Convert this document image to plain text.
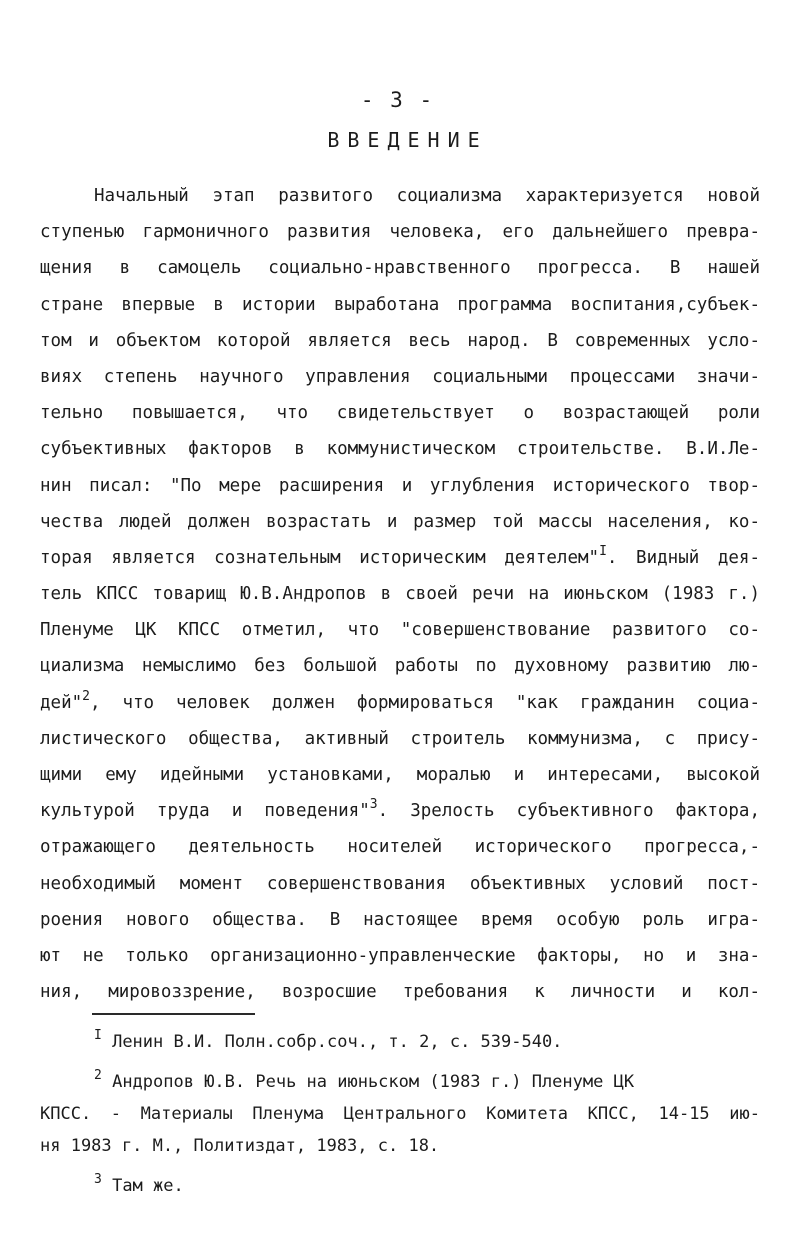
- 3 -
ВВЕДЕНИЕ
Начальный этап развитого социализма характеризуется новой
ступенью гармоничного развития человека, его дальнейшего превра-
щения в самоцель социально-нравственного прогресса. В нашей
стране впервые в истории выработана программа воспитания,субъек-
том и объектом которой является весь народ. В современных усло-
виях степень научного управления социальными процессами значи-
тельно повышается, что свидетельствует о возрастающей роли
субъективных факторов в коммунистическом строительстве. В.И.Ле-
нин писал: "По мере расширения и углубления исторического твор-
чества людей должен возрастать и размер той массы населения, ко-
торая является сознательным историческим деятелем"$^I$. Видный дея-
тель КПСС товарищ Ю.В.Андропов в своей речи на июньском (1983 г.)
Пленуме ЦК КПСС отметил, что "совершенствование развитого со-
циализма немыслимо без большой работы по духовному развитию лю-
дей"$^2$, что человек должен формироваться "как гражданин социа-
листического общества, активный строитель коммунизма, с прису-
щими ему идейными установками, моралью и интересами, высокой
культурой труда и поведения"$^3$. Зрелость субъективного фактора,
отражающего деятельность носителей исторического прогресса,-
необходимый момент совершенствования объективных условий пост-
роения нового общества. В настоящее время особую роль игра-
ют не только организационно-управленческие факторы, но и зна-
ния, мировоззрение, возросшие требования к личности и кол-
$^I$ Ленин В.И. Полн.собр.соч., т. 2, с. 539-540.
$^2$ Андропов Ю.В. Речь на июньском (1983 г.) Пленуме ЦК
КПСС. - Материалы Пленума Центрального Комитета КПСС, 14-15 ию-
ня 1983 г. М., Политиздат, 1983, с. 18.
$^3$ Там же.
